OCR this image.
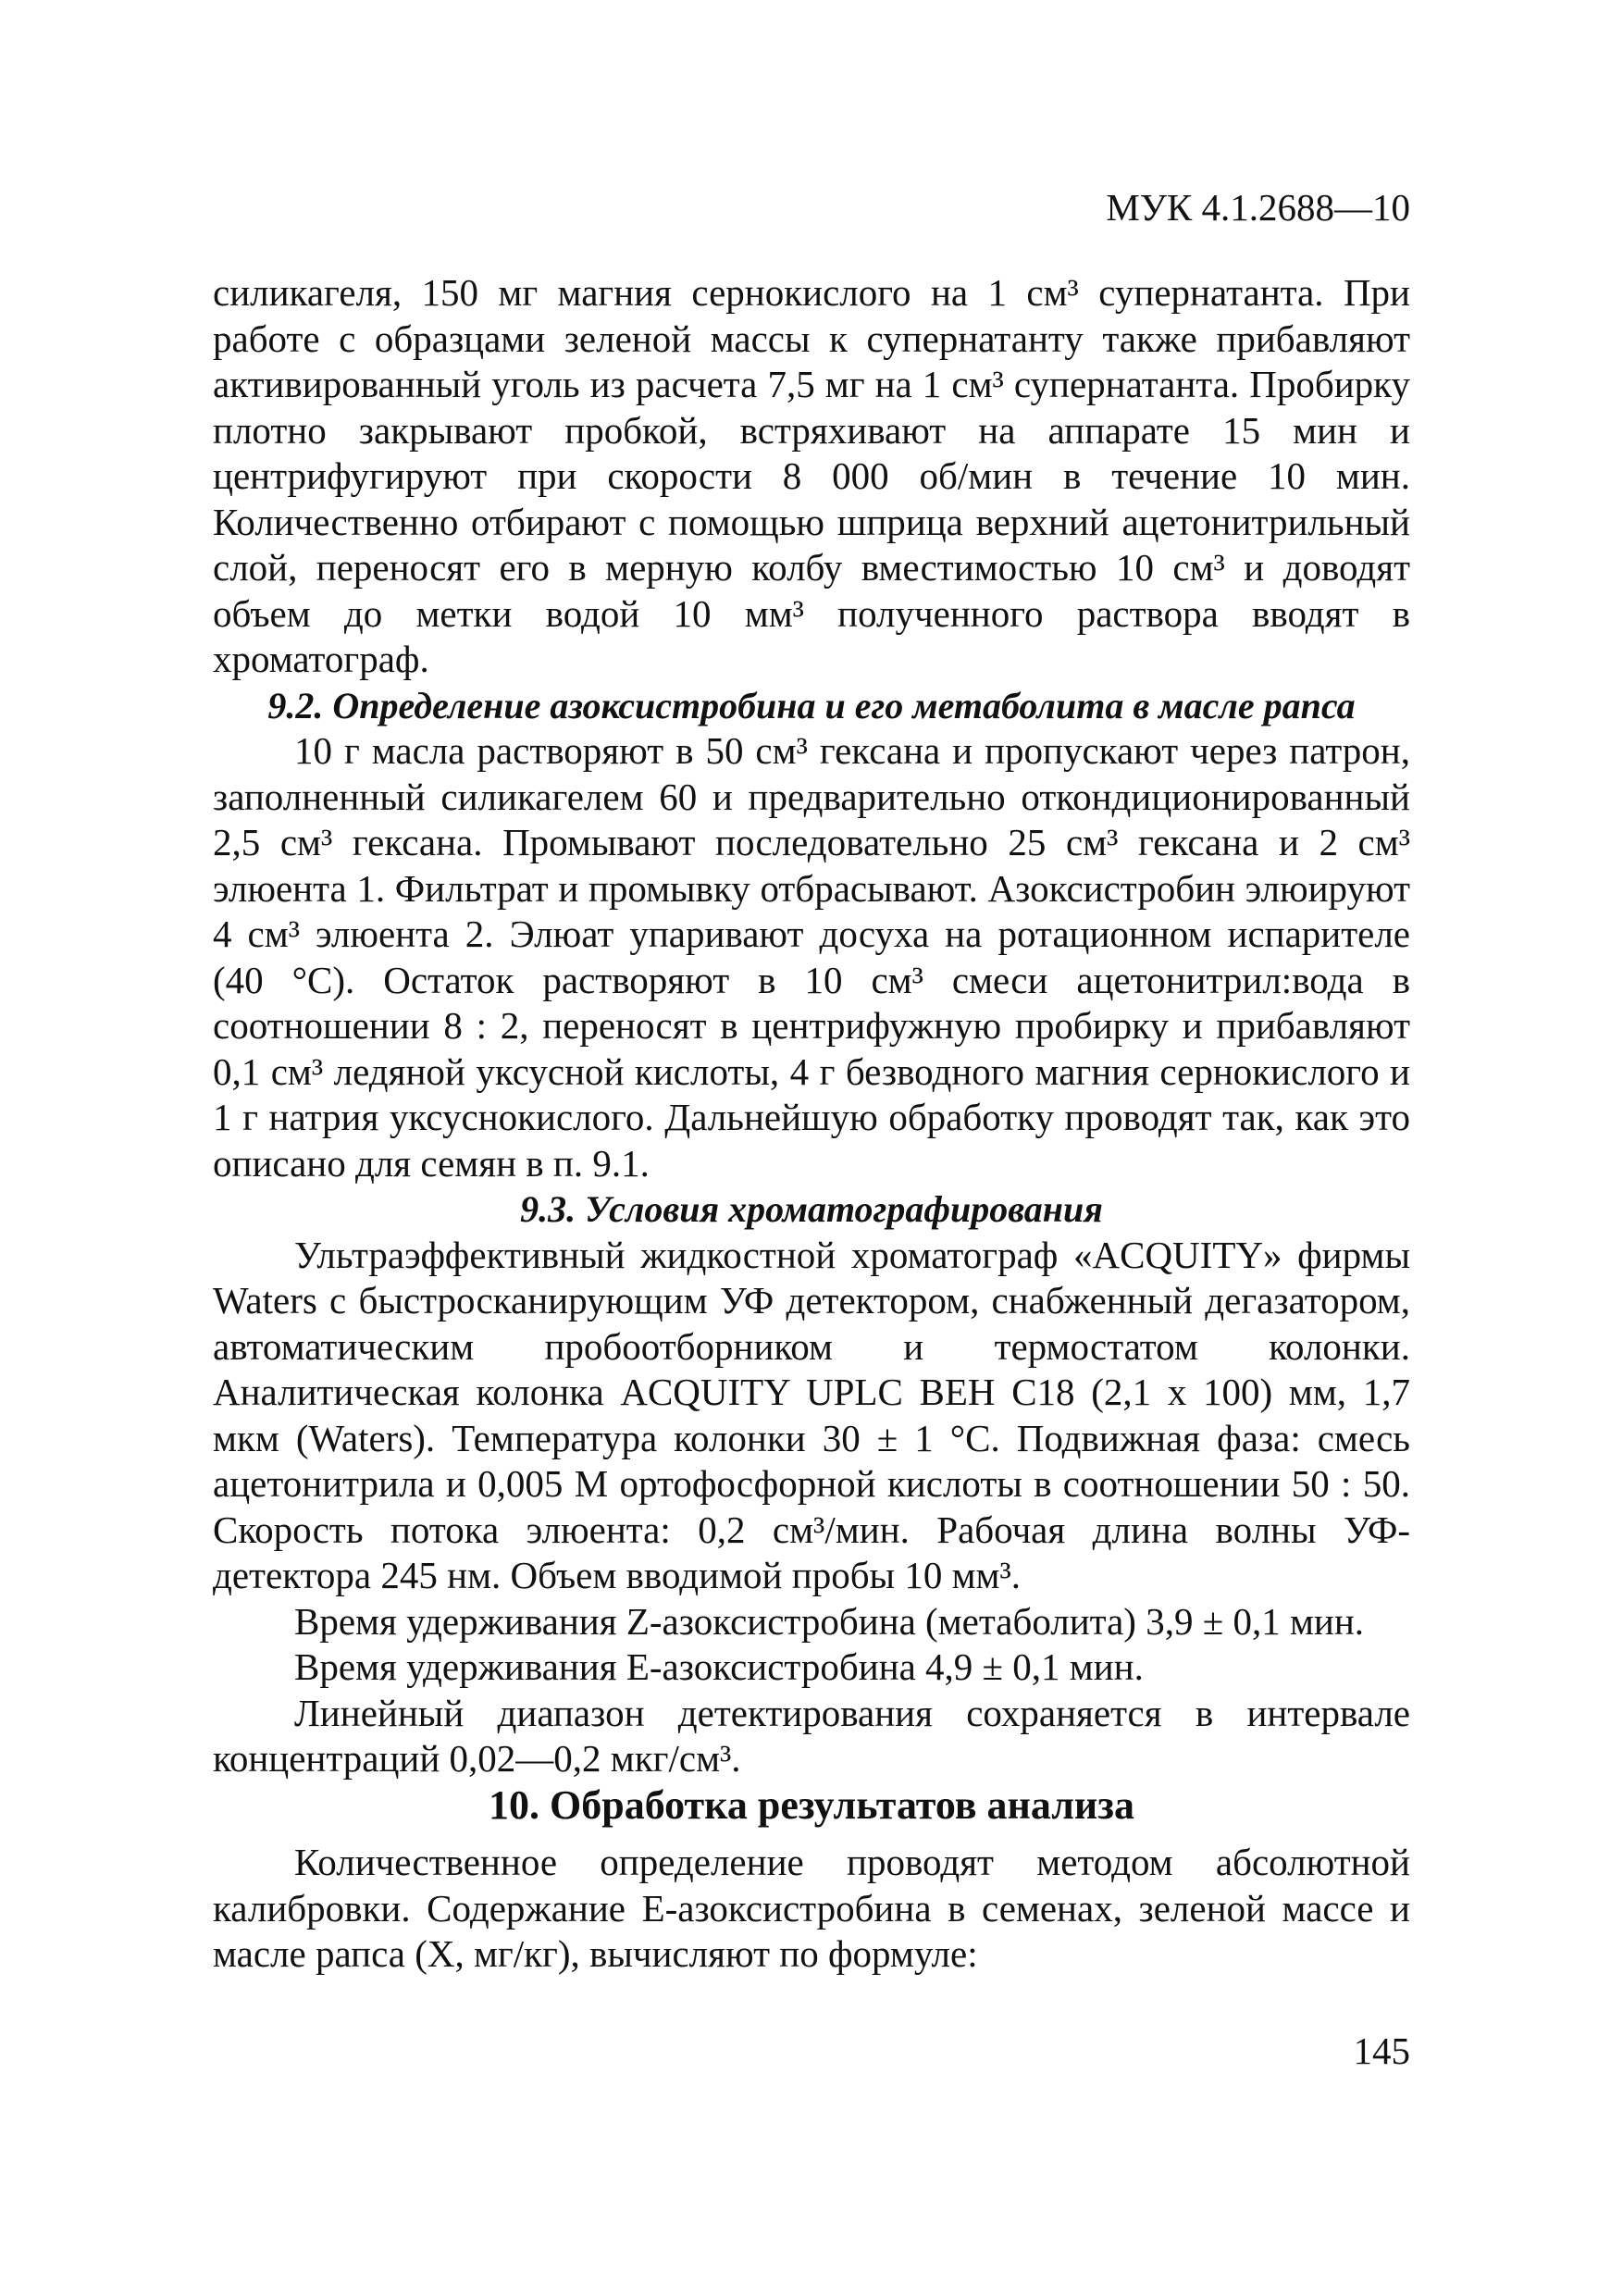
МУК 4.1.2688—10

силикагеля, 150 мг магния сернокислого на 1 см³ супернатанта. При работе с образцами зеленой массы к супернатанту также прибавляют активированный уголь из расчета 7,5 мг на 1 см³ супернатанта. Пробирку плотно закрывают пробкой, встряхивают на аппарате 15 мин и центрифугируют при скорости 8 000 об/мин в течение 10 мин. Количественно отбирают с помощью шприца верхний ацетонитрильный слой, переносят его в мерную колбу вместимостью 10 см³ и доводят объем до метки водой 10 мм³ полученного раствора вводят в хроматограф.

9.2. Определение азоксистробина и его метаболита в масле рапса

10 г масла растворяют в 50 см³ гексана и пропускают через патрон, заполненный силикагелем 60 и предварительно откондиционированный 2,5 см³ гексана. Промывают последовательно 25 см³ гексана и 2 см³ элюента 1. Фильтрат и промывку отбрасывают. Азоксистробин элюируют 4 см³ элюента 2. Элюат упаривают досуха на ротационном испарителе (40 °С). Остаток растворяют в 10 см³ смеси ацетонитрил:вода в соотношении 8 : 2, переносят в центрифужную пробирку и прибавляют 0,1 см³ ледяной уксусной кислоты, 4 г безводного магния сернокислого и 1 г натрия уксуснокислого. Дальнейшую обработку проводят так, как это описано для семян в п. 9.1.

9.3. Условия хроматографирования

Ультраэффективный жидкостной хроматограф «ACQUITY» фирмы Waters с быстросканирующим УФ детектором, снабженный дегазатором, автоматическим пробоотборником и термостатом колонки. Аналитическая колонка ACQUITY UPLC BEH C18 (2,1 х 100) мм, 1,7 мкм (Waters). Температура колонки 30 ± 1 °С. Подвижная фаза: смесь ацетонитрила и 0,005 М ортофосфорной кислоты в соотношении 50 : 50. Скорость потока элюента: 0,2 см³/мин. Рабочая длина волны УФ-детектора 245 нм. Объем вводимой пробы 10 мм³.

Время удерживания Z-азоксистробина (метаболита) 3,9 ± 0,1 мин.

Время удерживания Е-азоксистробина 4,9 ± 0,1 мин.

Линейный диапазон детектирования сохраняется в интервале концентраций 0,02—0,2 мкг/см³.

10. Обработка результатов анализа

Количественное определение проводят методом абсолютной калибровки. Содержание Е-азоксистробина в семенах, зеленой массе и масле рапса (X, мг/кг), вычисляют по формуле:

145
